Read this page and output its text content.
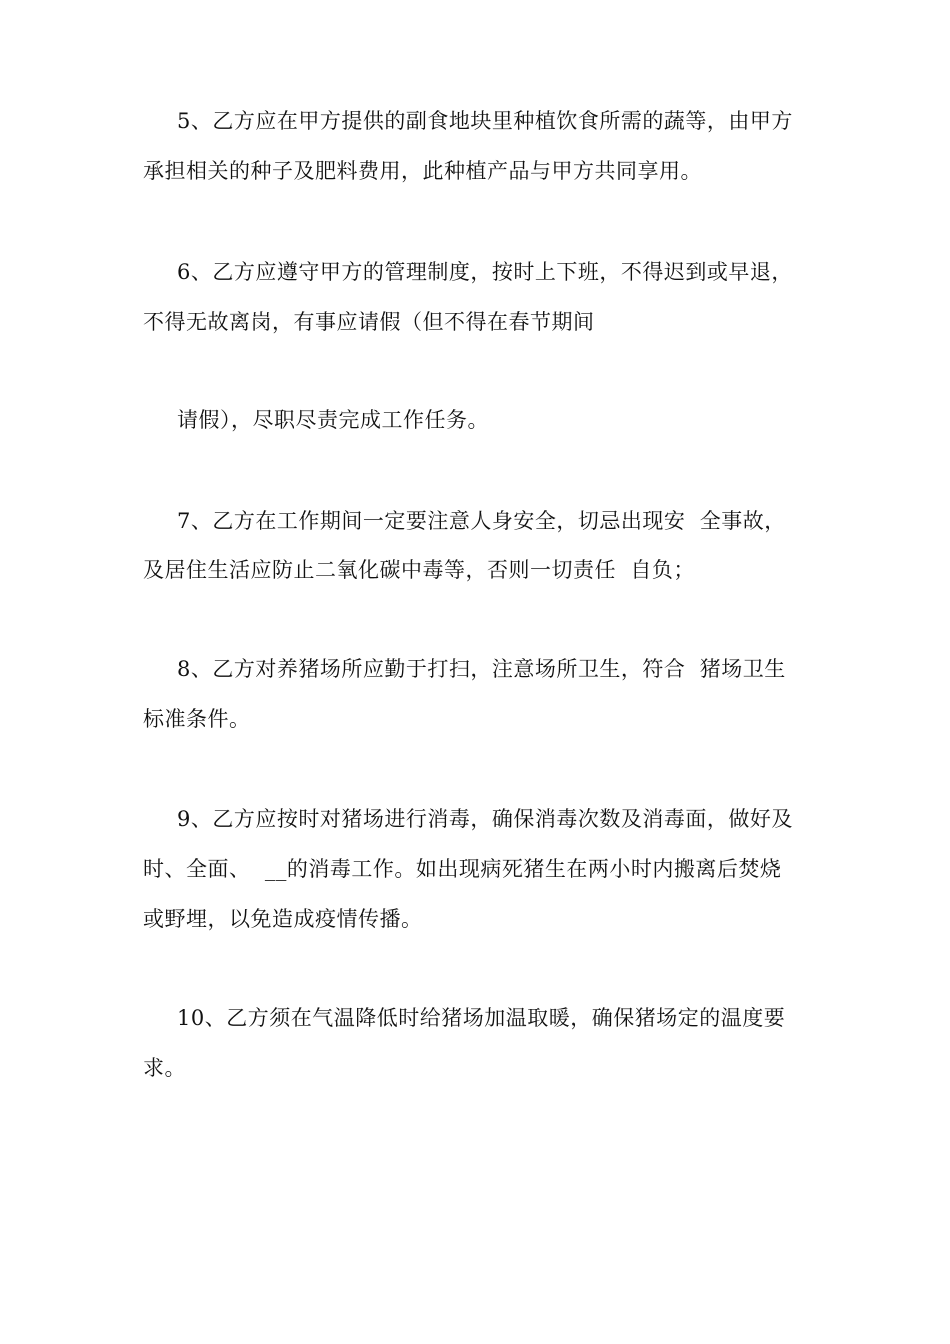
5、乙方应在甲方提供的副食地块里种植饮食所需的蔬等，由甲方
承担相关的种子及肥料费用，此种植产品与甲方共同享用。
6、乙方应遵守甲方的管理制度，按时上下班，不得迟到或早退，
不得无故离岗，有事应请假（但不得在春节期间
请假），尽职尽责完成工作任务。
7、乙方在工作期间一定要注意人身安全，切忌出现安  全事故，
及居住生活应防止二氧化碳中毒等，否则一切责任  自负；
8、乙方对养猪场所应勤于打扫，注意场所卫生，符合  猪场卫生
标准条件。
9、乙方应按时对猪场进行消毒，确保消毒次数及消毒面，做好及
时、全面、  __的消毒工作。如出现病死猪生在两小时内搬离后焚烧
或野埋，以免造成疫情传播。
10、乙方须在气温降低时给猪场加温取暖，确保猪场定的温度要
求。
